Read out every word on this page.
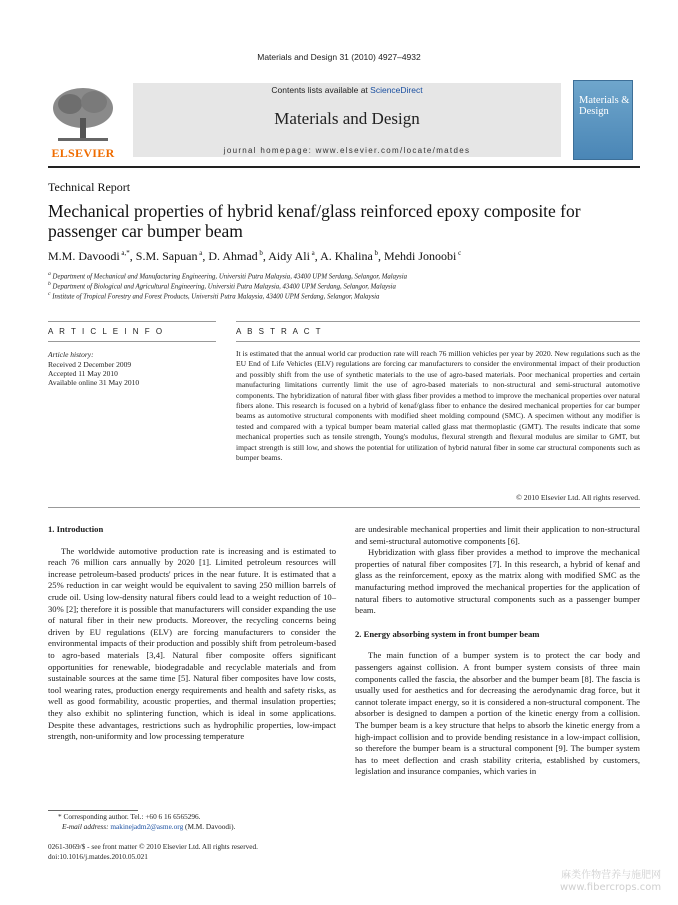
Materials and Design 31 (2010) 4927–4932
ELSEVIER
Contents lists available at ScienceDirect
Materials and Design
journal homepage: www.elsevier.com/locate/matdes
Materials & Design
Technical Report
Mechanical properties of hybrid kenaf/glass reinforced epoxy composite for passenger car bumper beam
M.M. Davoodi $^{a,*}$, S.M. Sapuan $^a$, D. Ahmad $^b$, Aidy Ali $^a$, A. Khalina $^b$, Mehdi Jonoobi $^c$
$^a$ Department of Mechanical and Manufacturing Engineering, Universiti Putra Malaysia, 43400 UPM Serdang, Selangor, Malaysia
$^b$ Department of Biological and Agricultural Engineering, Universiti Putra Malaysia, 43400 UPM Serdang, Selangor, Malaysia
$^c$ Institute of Tropical Forestry and Forest Products, Universiti Putra Malaysia, 43400 UPM Serdang, Selangor, Malaysia
A R T I C L E I N F O	A B S T R A C T
Article history:
Received 2 December 2009
Accepted 11 May 2010
Available online 31 May 2010
It is estimated that the annual world car production rate will reach 76 million vehicles per year by 2020. New regulations such as the EU End of Life Vehicles (ELV) regulations are forcing car manufacturers to consider the environmental impact of their production and possibly shift from the use of synthetic materials to the use of agro-based materials. Poor mechanical properties and certain manufacturing limitations currently limit the use of agro-based materials to non-structural and semi-structural automotive components. The hybridization of natural fiber with glass fiber provides a method to improve the mechanical properties over natural fibers alone. This research is focused on a hybrid of kenaf/glass fiber to enhance the desired mechanical properties for car bumper beams as automotive structural components with modified sheet molding compound (SMC). A specimen without any modifier is tested and compared with a typical bumper beam material called glass mat thermoplastic (GMT). The results indicate that some mechanical properties such as tensile strength, Young's modulus, flexural strength and flexural modulus are similar to GMT, but impact strength is still low, and shows the potential for utilization of hybrid natural fiber in some car structural components such as bumper beams.
© 2010 Elsevier Ltd. All rights reserved.
1. Introduction

The worldwide automotive production rate is increasing and is estimated to reach 76 million cars annually by 2020 [1]. Limited petroleum resources will increase petroleum-based products' prices in the near future. It is estimated that a 25% reduction in car weight would be equivalent to saving 250 million barrels of crude oil. Using low-density natural fibers could lead to a weight reduction of 10–30% [2]; therefore it is possible that manufacturers will consider expanding the use of natural fiber in their new products. Moreover, the recycling concerns being driven by EU regulations (ELV) are forcing manufacturers to consider the environmental impacts of their production and possibly shift from petroleum-based to agro-based materials [3,4]. Natural fiber composite offers significant opportunities for renewable, biodegradable and recyclable materials and from sustainable sources at the same time [5]. Natural fiber composites have low costs, tool wearing rates, production energy requirements and health and safety risks, as well as good formability, acoustic properties, and thermal insulation properties; they also exhibit no splintering function, which is ideal in some applications. Despite these advantages, restrictions such as hydrophilic properties, low-impact strength, non-uniformity and low processing temperature

* Corresponding author. Tel.: +60 6 16 6565296.
E-mail address: makinejadm2@asme.org (M.M. Davoodi).

are undesirable mechanical properties and limit their application to non-structural and semi-structural automotive components [6].

Hybridization with glass fiber provides a method to improve the mechanical properties of natural fiber composites [7]. In this research, a hybrid of kenaf and glass as the reinforcement, epoxy as the matrix along with modified SMC as the manufacturing method improved the mechanical properties for the application of natural fibers to automotive structural components such as a passenger bumper beam.

2. Energy absorbing system in front bumper beam

The main function of a bumper system is to protect the car body and passengers against collision. A front bumper system consists of three main components called the fascia, the absorber and the bumper beam [8]. The fascia is usually used for aesthetics and for decreasing the aerodynamic drag force, but it cannot tolerate impact energy, so it is considered a non-structural component. The absorber is designed to dampen a portion of the kinetic energy from a collision. The bumper beam is a key structure that helps to absorb the kinetic energy from a high-impact collision and to provide bending resistance in a low-impact collision, so therefore the bumper beam is a structural component [9]. The bumper system has to meet deflection and crash stability criteria, established by customers, legislation and insurance companies, which varies in

0261-3069/$ - see front matter © 2010 Elsevier Ltd. All rights reserved.
doi:10.1016/j.matdes.2010.05.021
麻类作物营养与施肥网
www.fibercrops.com
